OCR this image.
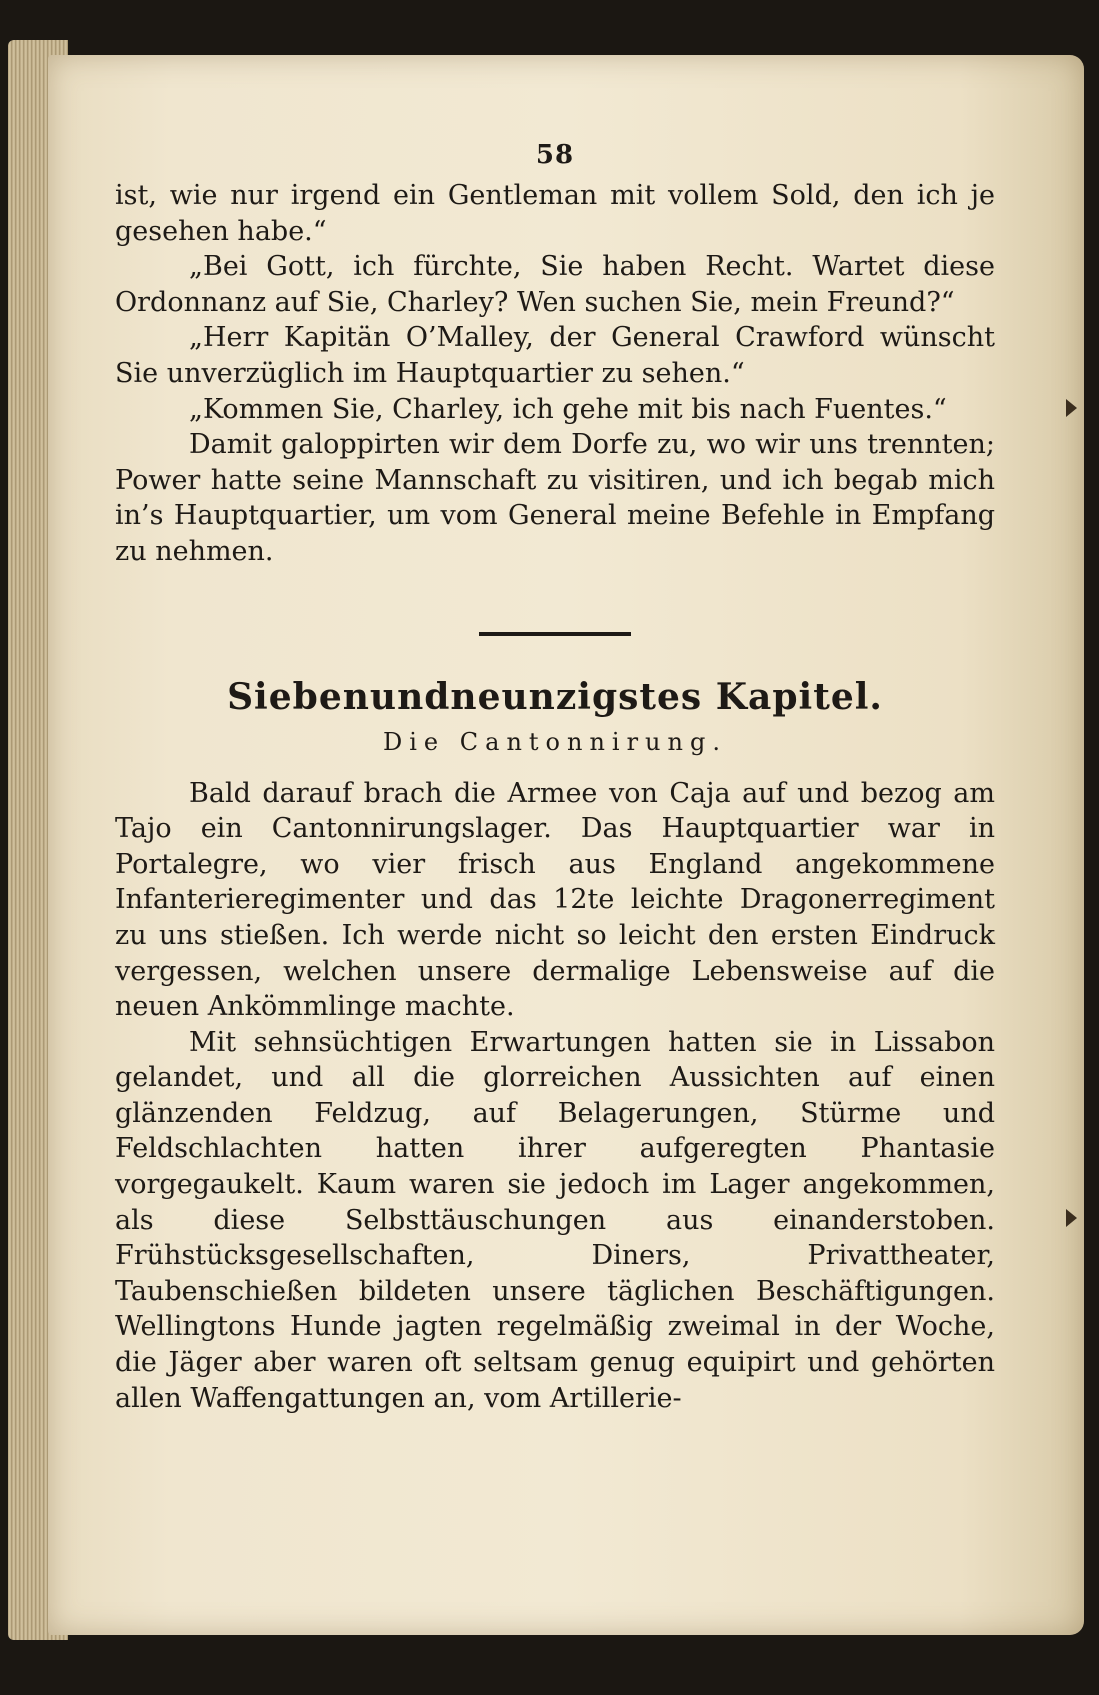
58

ist, wie nur irgend ein Gentleman mit vollem Sold, den ich je gesehen habe.“

„Bei Gott, ich fürchte, Sie haben Recht. Wartet diese Ordonnanz auf Sie, Charley? Wen suchen Sie, mein Freund?“

„Herr Kapitän O’Malley, der General Crawford wünscht Sie unverzüglich im Hauptquartier zu sehen.“

„Kommen Sie, Charley, ich gehe mit bis nach Fuentes.“

Damit galoppirten wir dem Dorfe zu, wo wir uns trennten; Power hatte seine Mannschaft zu visitiren, und ich begab mich in’s Hauptquartier, um vom General meine Befehle in Empfang zu nehmen.

Siebenundneunzigstes Kapitel.
Die Cantonnirung.

Bald darauf brach die Armee von Caja auf und bezog am Tajo ein Cantonnirungslager. Das Hauptquartier war in Portalegre, wo vier frisch aus England angekommene Infanterieregimenter und das 12te leichte Dragonerregiment zu uns stießen. Ich werde nicht so leicht den ersten Eindruck vergessen, welchen unsere dermalige Lebensweise auf die neuen Ankömmlinge machte.

Mit sehnsüchtigen Erwartungen hatten sie in Lissabon gelandet, und all die glorreichen Aussichten auf einen glänzenden Feldzug, auf Belagerungen, Stürme und Feldschlachten hatten ihrer aufgeregten Phantasie vorgegaukelt. Kaum waren sie jedoch im Lager angekommen, als diese Selbsttäuschungen aus einanderstoben. Frühstücksgesellschaften, Diners, Privattheater, Taubenschießen bildeten unsere täglichen Beschäftigungen. Wellingtons Hunde jagten regelmäßig zweimal in der Woche, die Jäger aber waren oft seltsam genug equipirt und gehörten allen Waffengattungen an, vom Artillerie-
